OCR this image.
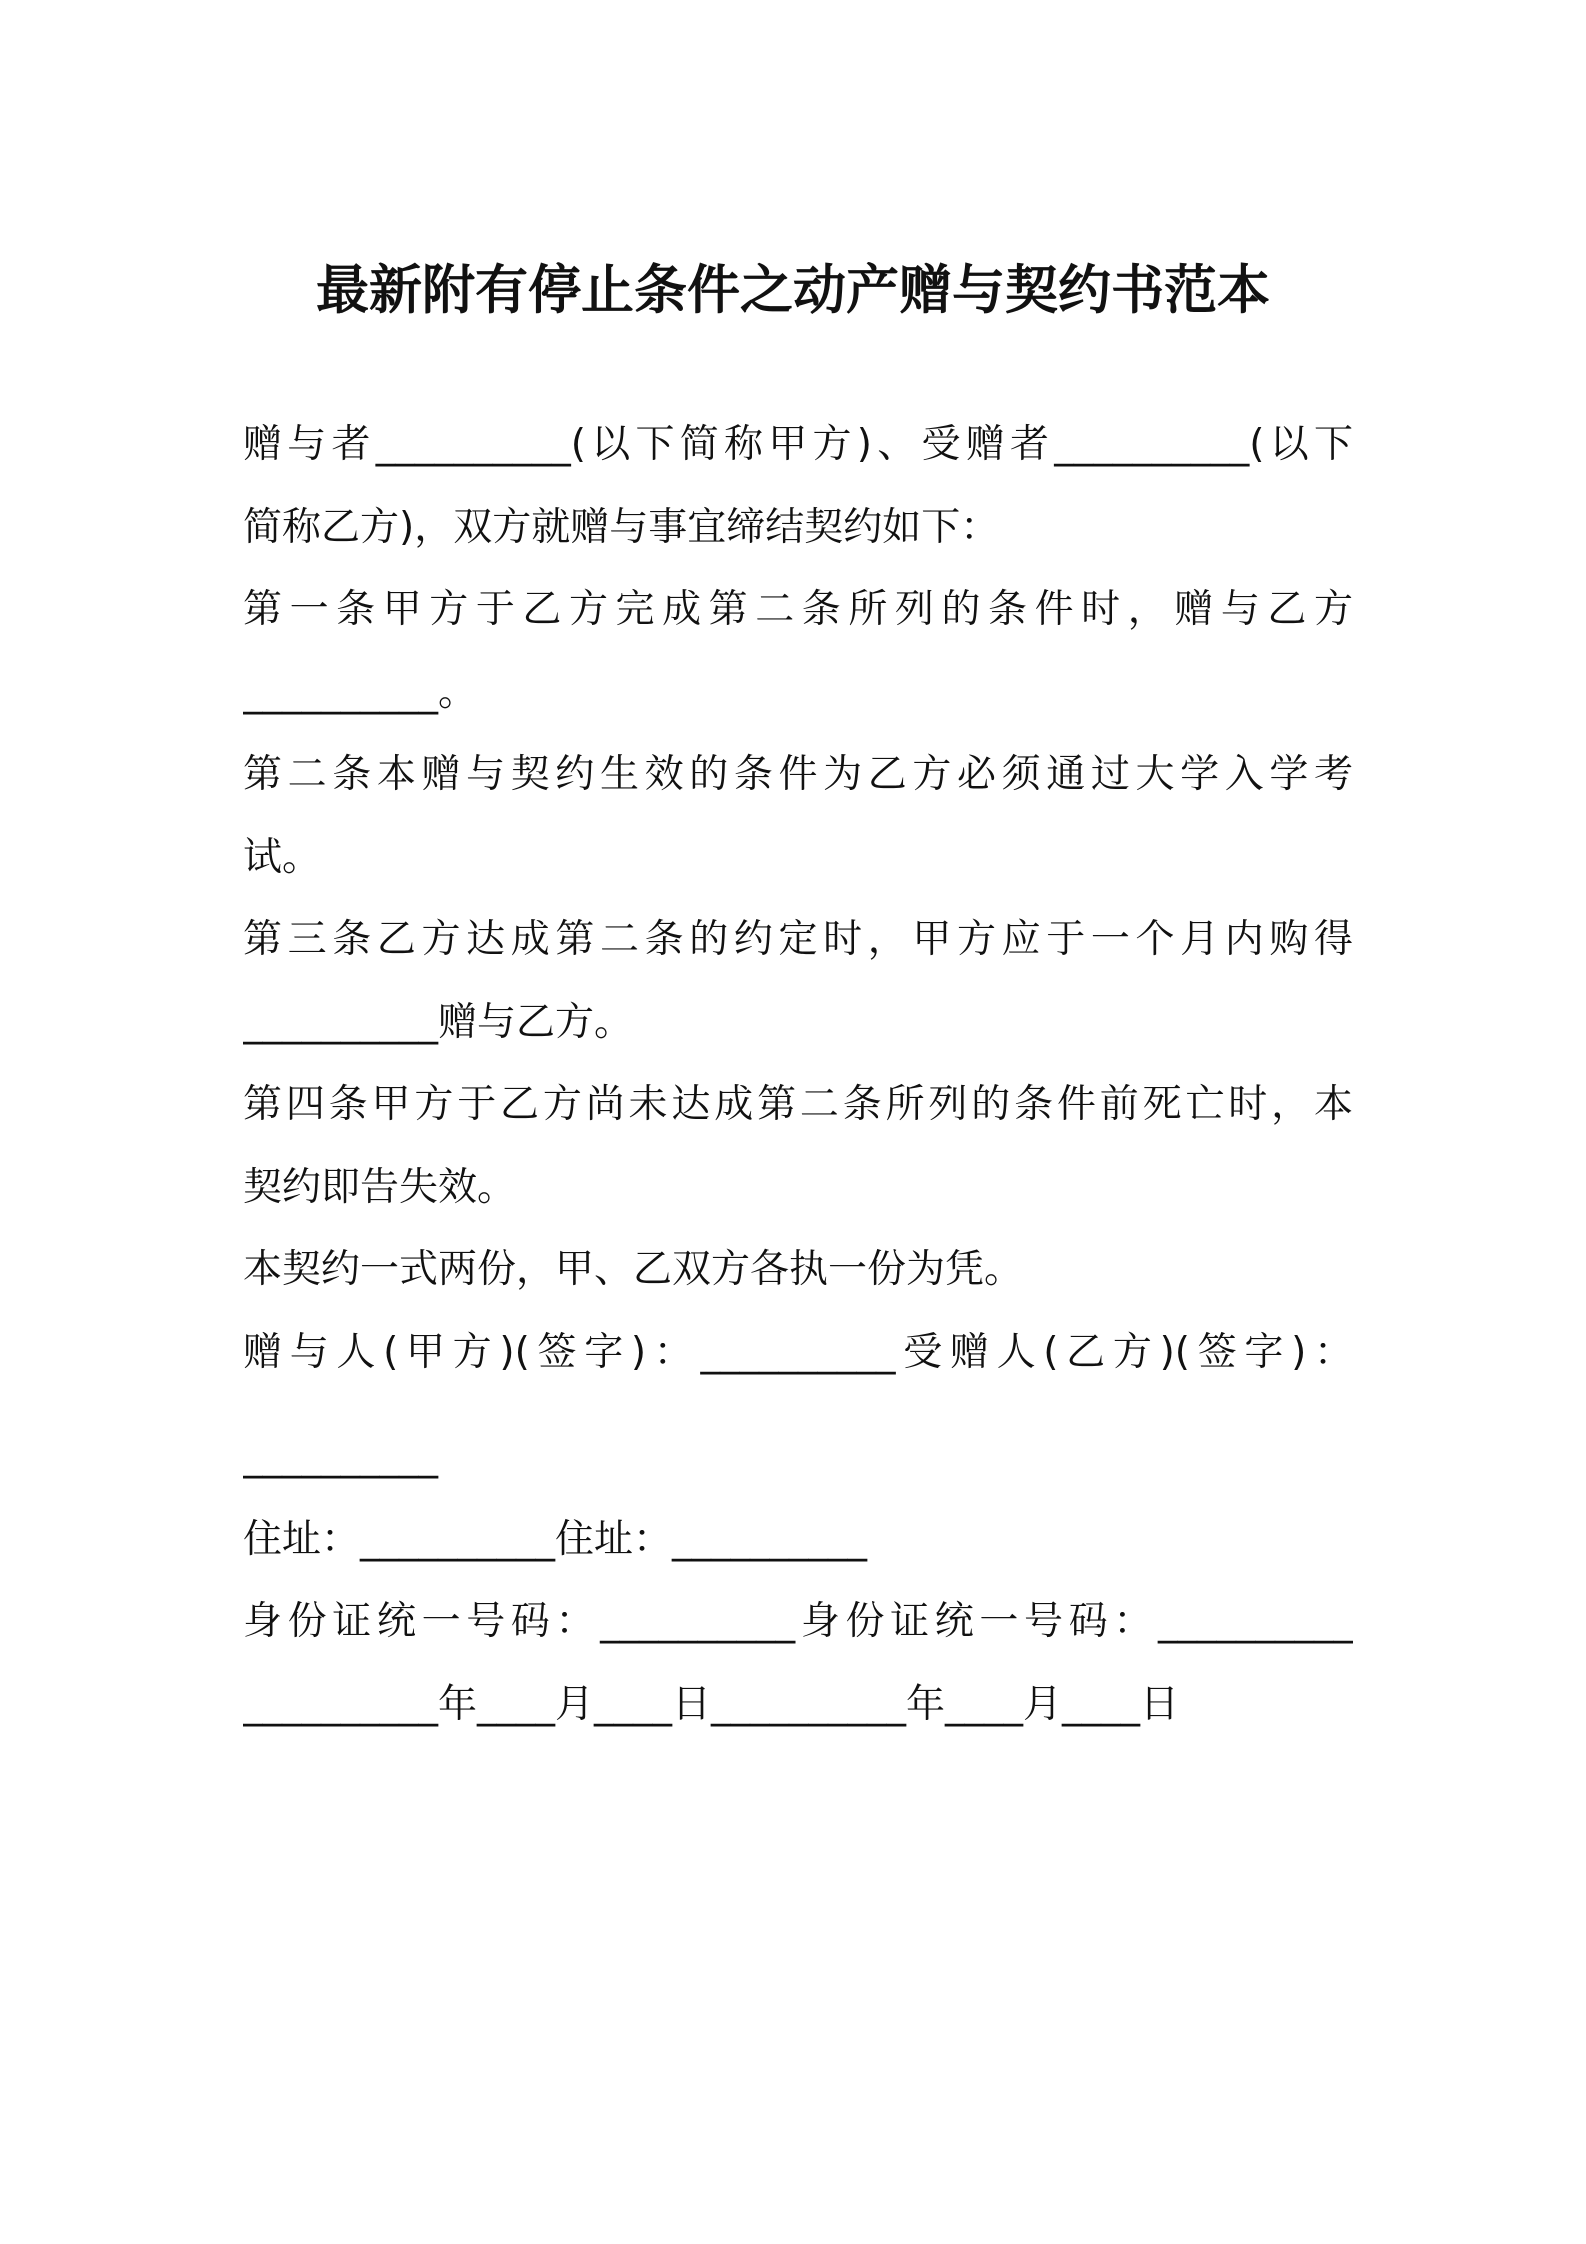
最新附有停止条件之动产赠与契约书范本
赠与者__________(以下简称甲方)、受赠者__________(以下
简称乙方)，双方就赠与事宜缔结契约如下：
第一条甲方于乙方完成第二条所列的条件时，赠与乙方
__________。
第二条本赠与契约生效的条件为乙方必须通过大学入学考
试。
第三条乙方达成第二条的约定时，甲方应于一个月内购得
__________赠与乙方。
第四条甲方于乙方尚未达成第二条所列的条件前死亡时，本
契约即告失效。
本契约一式两份，甲、乙双方各执一份为凭。
赠与人(甲方)(签字)：__________受赠人(乙方)(签字)：
__________
住址：__________住址：__________
身份证统一号码：__________身份证统一号码：__________
__________年____月____日__________年____月____日
